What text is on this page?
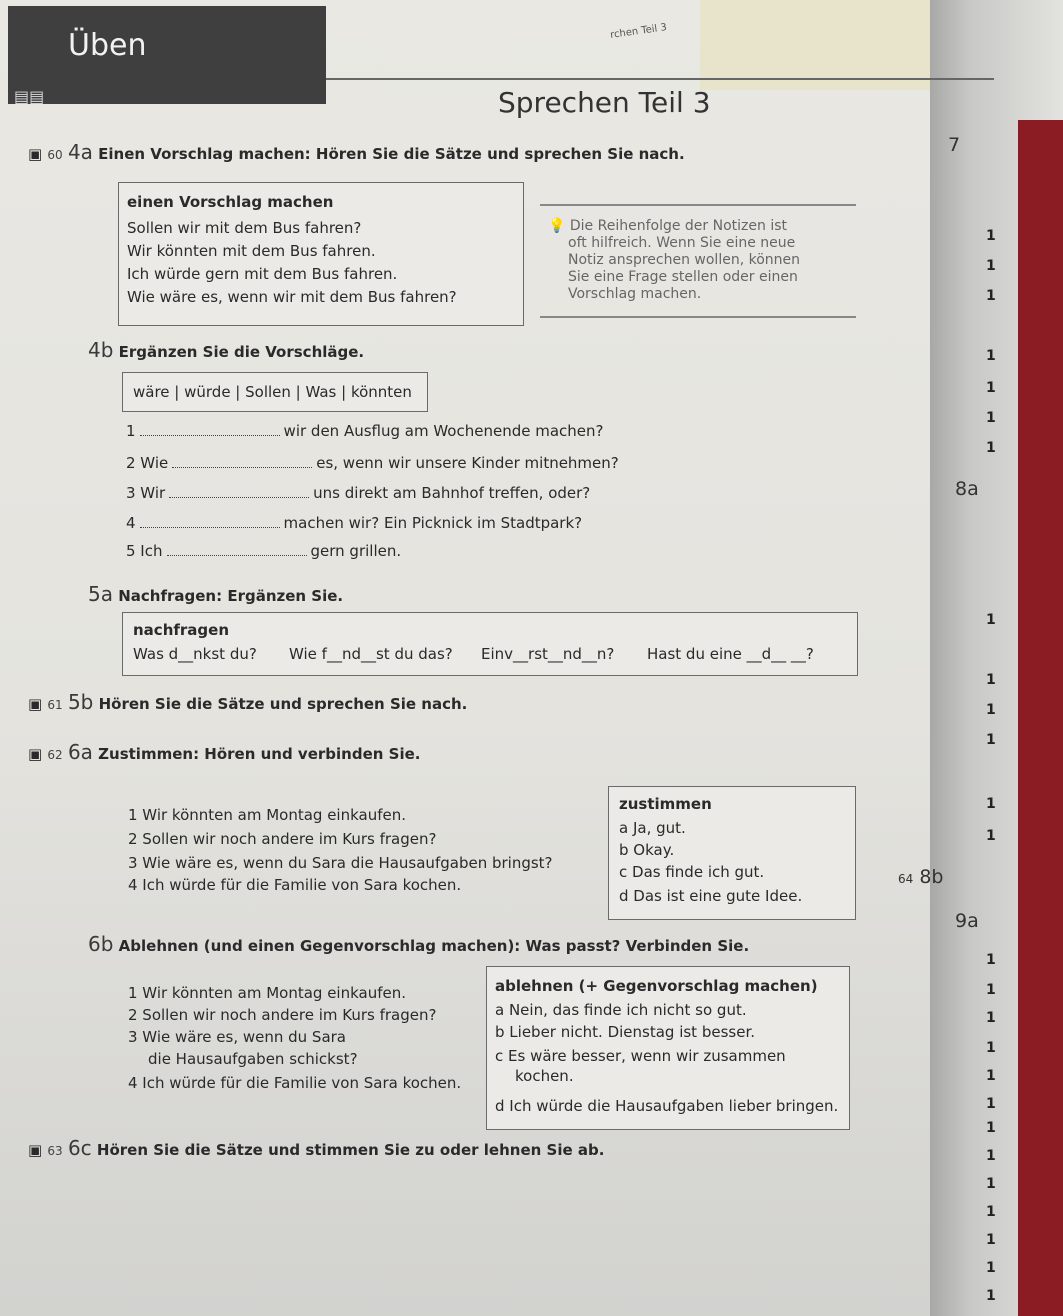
Üben
▤▤	Sprechen Teil 3
rchen Teil 3
▣ 60 4a Einen Vorschlag machen: Hören Sie die Sätze und sprechen Sie nach.
einen Vorschlag machen
Sollen wir mit dem Bus fahren?
Wir könnten mit dem Bus fahren.
Ich würde gern mit dem Bus fahren.
Wie wäre es, wenn wir mit dem Bus fahren?
💡 Die Reihenfolge der Notizen ist
oft hilfreich. Wenn Sie eine neue
Notiz ansprechen wollen, können
Sie eine Frage stellen oder einen
Vorschlag machen.
4b Ergänzen Sie die Vorschläge.
wäre | würde | Sollen | Was | könnten
1	wir den Ausflug am Wochenende machen?
2 Wie	es, wenn wir unsere Kinder mitnehmen?
3 Wir	uns direkt am Bahnhof treffen, oder?
4	machen wir? Ein Picknick im Stadtpark?
5 Ich	gern grillen.
5a Nachfragen: Ergänzen Sie.
nachfragen
Was d__nkst du? Wie f__nd__st du das? Einv__rst__nd__n? Hast du eine __d__ __?
▣ 61 5b Hören Sie die Sätze und sprechen Sie nach.
▣ 62 6a Zustimmen: Hören und verbinden Sie.
1 Wir könnten am Montag einkaufen.
2 Sollen wir noch andere im Kurs fragen?
3 Wie wäre es, wenn du Sara die Hausaufgaben bringst?
4 Ich würde für die Familie von Sara kochen.
zustimmen
a Ja, gut.
b Okay.
c Das finde ich gut.
d Das ist eine gute Idee.
6b Ablehnen (und einen Gegenvorschlag machen): Was passt? Verbinden Sie.
1 Wir könnten am Montag einkaufen.
2 Sollen wir noch andere im Kurs fragen?
3 Wie wäre es, wenn du Sara
die Hausaufgaben schickst?
4 Ich würde für die Familie von Sara kochen.
ablehnen (+ Gegenvorschlag machen)
a Nein, das finde ich nicht so gut.
b Lieber nicht. Dienstag ist besser.
c Es wäre besser, wenn wir zusammen
kochen.
d Ich würde die Hausaufgaben lieber bringen.
▣ 63 6c Hören Sie die Sätze und stimmen Sie zu oder lehnen Sie ab.
7
8a
64 8b
9a
1
1
1
1
1
1
1
1
1
1
1
1
1
1
1
1
1
1
1
1
1
1
1
1
1
1
